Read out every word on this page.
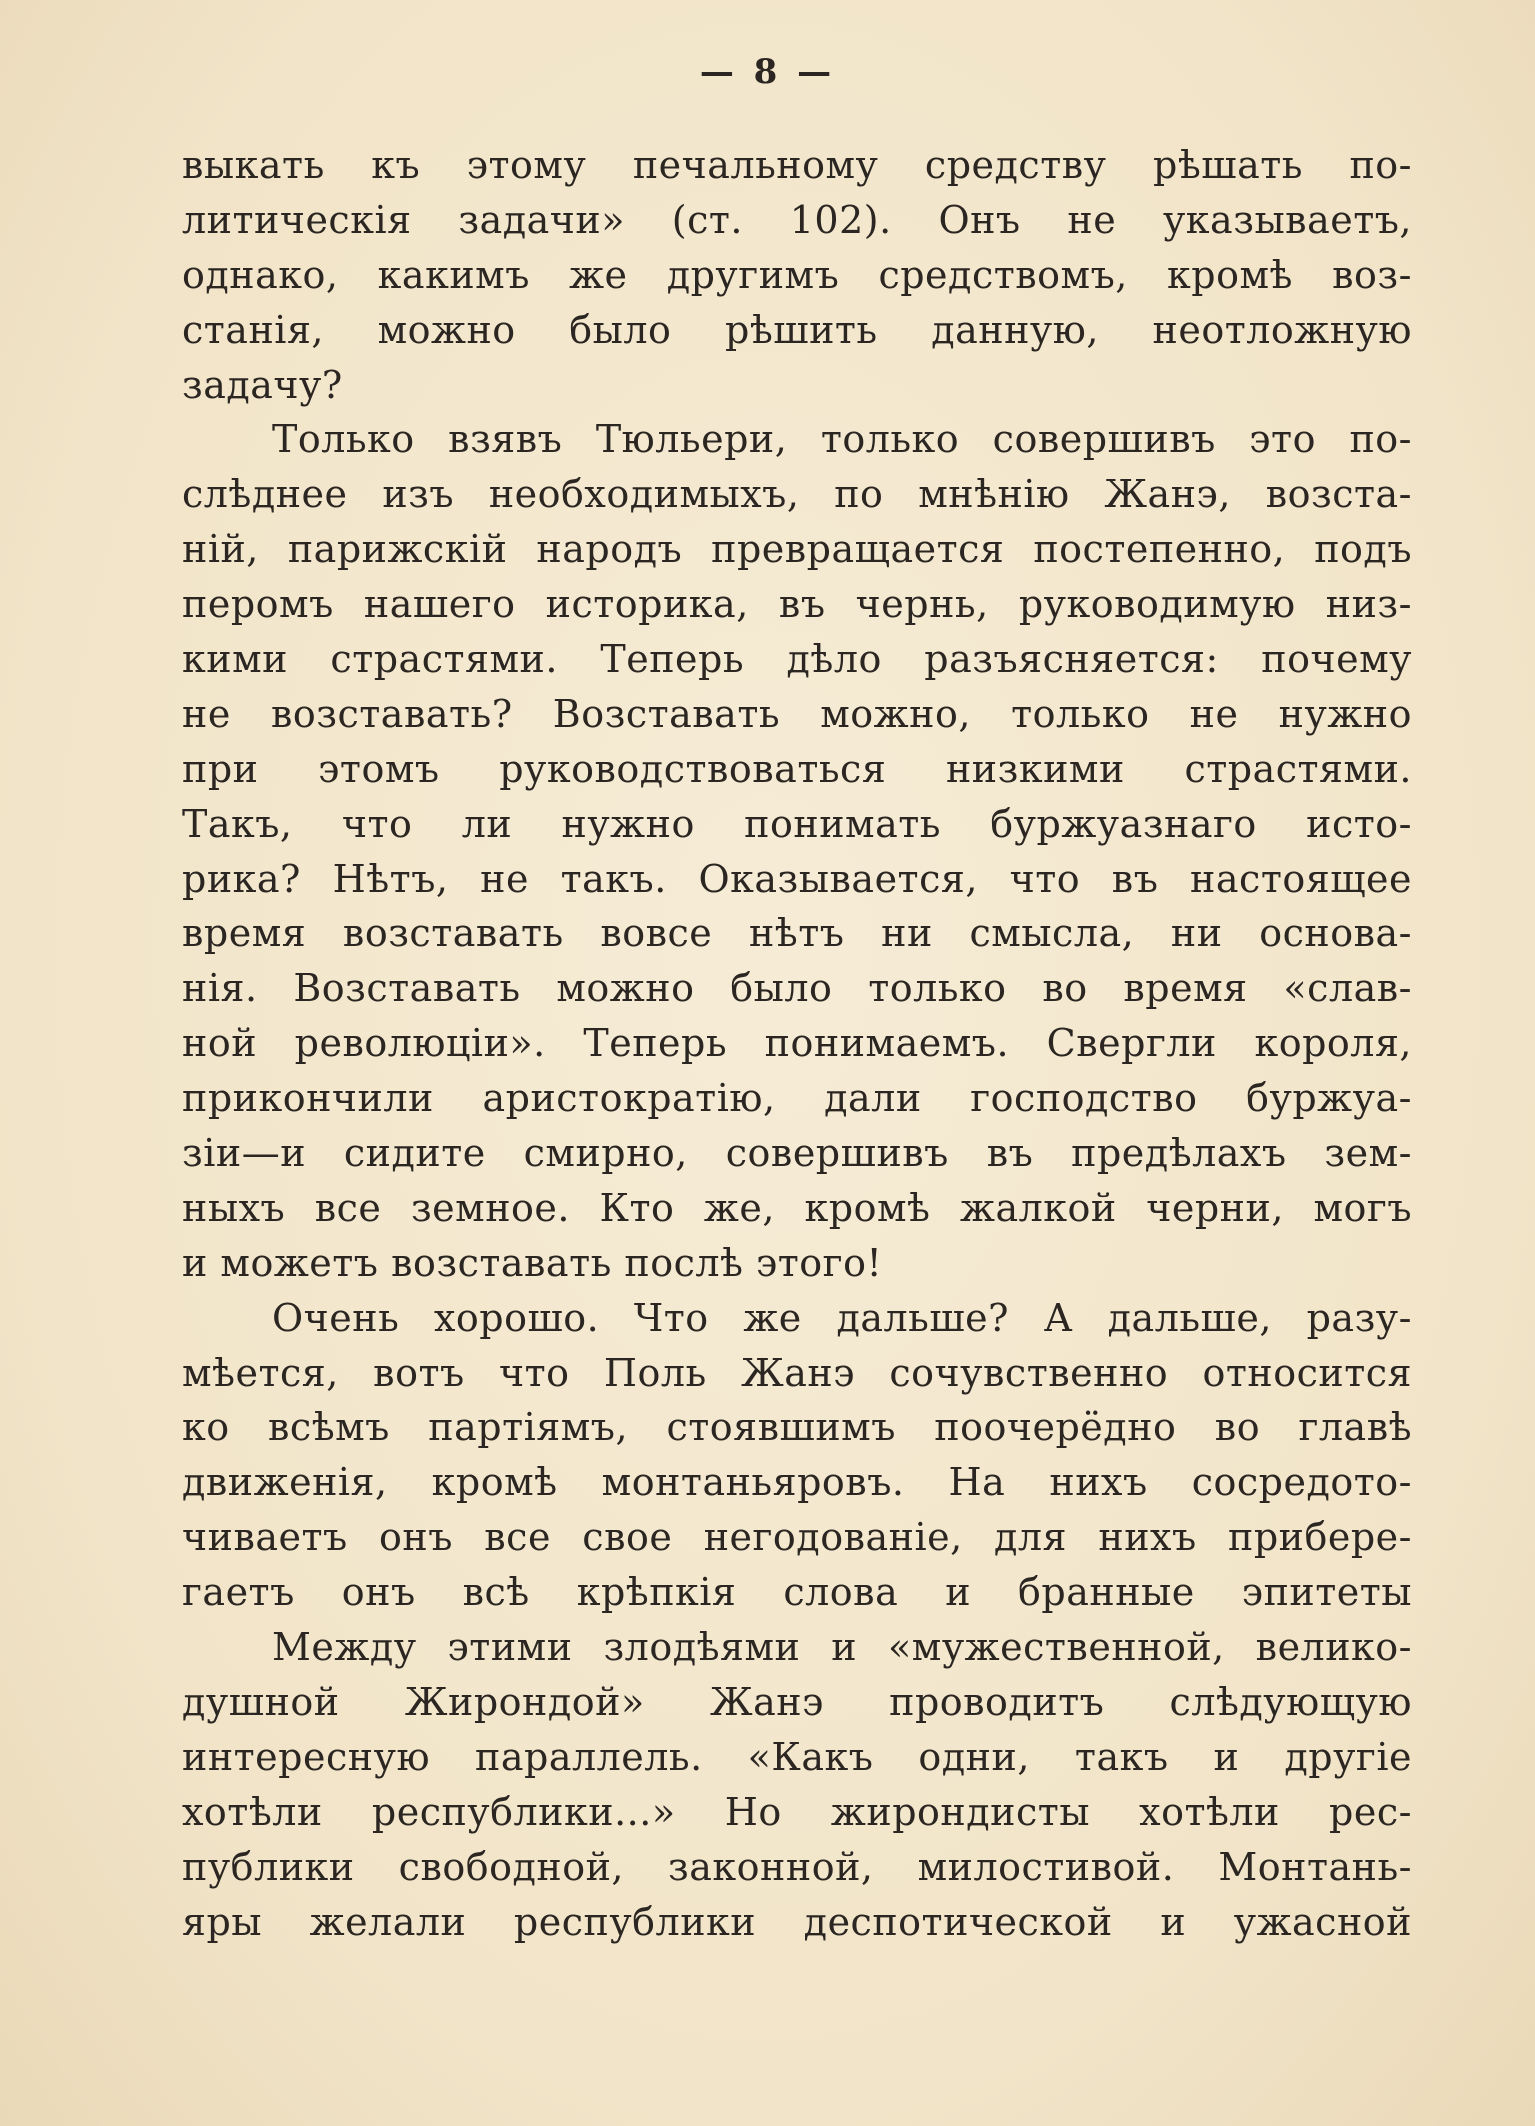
— 8 —
выкать къ этому печальному средству рѣшать по-
литическія задачи» (ст. 102). Онъ не указываетъ,
однако, какимъ же другимъ средствомъ, кромѣ воз-
станія, можно было рѣшить данную, неотложную
задачу?
Только взявъ Тюльери, только совершивъ это по-
слѣднее изъ необходимыхъ, по мнѣнію Жанэ, возста-
ній, парижскій народъ превращается постепенно, подъ
перомъ нашего историка, въ чернь, руководимую низ-
кими страстями. Теперь дѣло разъясняется: почему
не возставать? Возставать можно, только не нужно
при этомъ руководствоваться низкими страстями.
Такъ, что ли нужно понимать буржуазнаго исто-
рика? Нѣтъ, не такъ. Оказывается, что въ настоящее
время возставать вовсе нѣтъ ни смысла, ни основа-
нія. Возставать можно было только во время «слав-
ной революціи». Теперь понимаемъ. Свергли короля,
прикончили аристократію, дали господство буржуа-
зіи—и сидите смирно, совершивъ въ предѣлахъ зем-
ныхъ все земное. Кто же, кромѣ жалкой черни, могъ
и можетъ возставать послѣ этого!
Очень хорошо. Что же дальше? А дальше, разу-
мѣется, вотъ что Поль Жанэ сочувственно относится
ко всѣмъ партіямъ, стоявшимъ поочерёдно во главѣ
движенія, кромѣ монтаньяровъ. На нихъ сосредото-
чиваетъ онъ все свое негодованіе, для нихъ прибере-
гаетъ онъ всѣ крѣпкія слова и бранные эпитеты
Между этими злодѣями и «мужественной, велико-
душной Жирондой» Жанэ проводитъ слѣдующую
интересную параллель. «Какъ одни, такъ и другіе
хотѣли республики...» Но жирондисты хотѣли рес-
публики свободной, законной, милостивой. Монтань-
яры желали республики деспотической и ужасной
